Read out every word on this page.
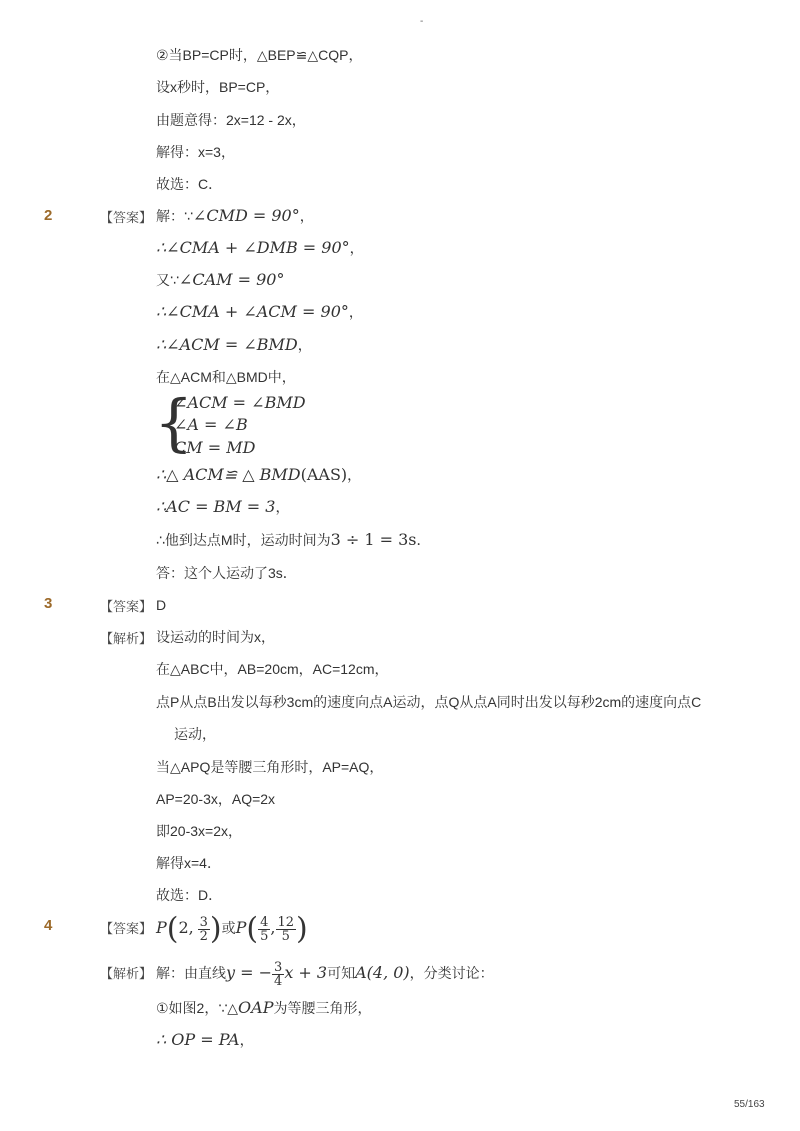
-
②当BP=CP时，△BEP≌△CQP，
设x秒时，BP=CP，
由题意得：2x=12 - 2x，
解得：x=3，
故选：C．
2	【答案】 解：∵∠CMD = 90°，
∴∠CMA + ∠DMB = 90°，
又∵∠CAM = 90°
∴∠CMA + ∠ACM = 90°，
∴∠ACM = ∠BMD，
在△ACM和△BMD中，
{
∠ACM = ∠BMD
∠A = ∠B
CM = MD
∴△ ACM≌ △ BMD(AAS)，
∴AC = BM = 3，
∴他到达点M时，运动时间为3 ÷ 1 = 3s．
答：这个人运动了3s．
3	【答案】 D
【解析】 设运动的时间为x，
在△ABC中，AB=20cm，AC=12cm，
点P从点B出发以每秒3cm的速度向点A运动，点Q从点A同时出发以每秒2cm的速度向点C
运动，
当△APQ是等腰三角形时，AP=AQ，
AP=20-3x，AQ=2x
即20-3x=2x，
解得x=4．
故选：D．
4	【答案】 P(2, $\frac{3}{2}$ )或$P( \frac{4}{5}$ , $\frac{12}{5}$ )
【解析】 解：由直线y = − $\frac{3}{4}$ x + 3可知A(4, 0)，分类讨论：
①如图2，∵△OAP为等腰三角形，
∴ OP = PA，
55/163
